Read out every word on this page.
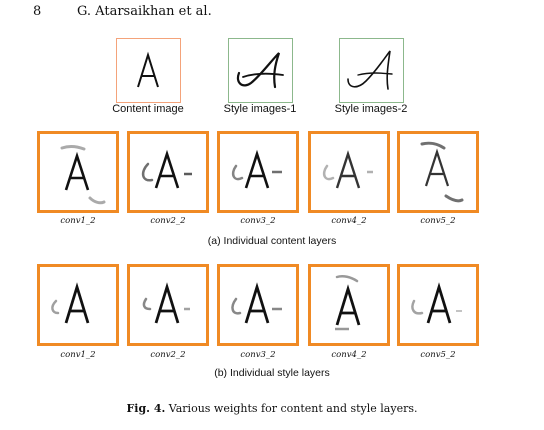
8	G. Atarsaikhan et al.
Content image	Style images-1	Style images-2
conv1_2	conv2_2	conv3_2	conv4_2	conv5_2
(a) Individual content layers
conv1_2	conv2_2	conv3_2	conv4_2	conv5_2
(b) Individual style layers
Fig. 4. Various weights for content and style layers.
